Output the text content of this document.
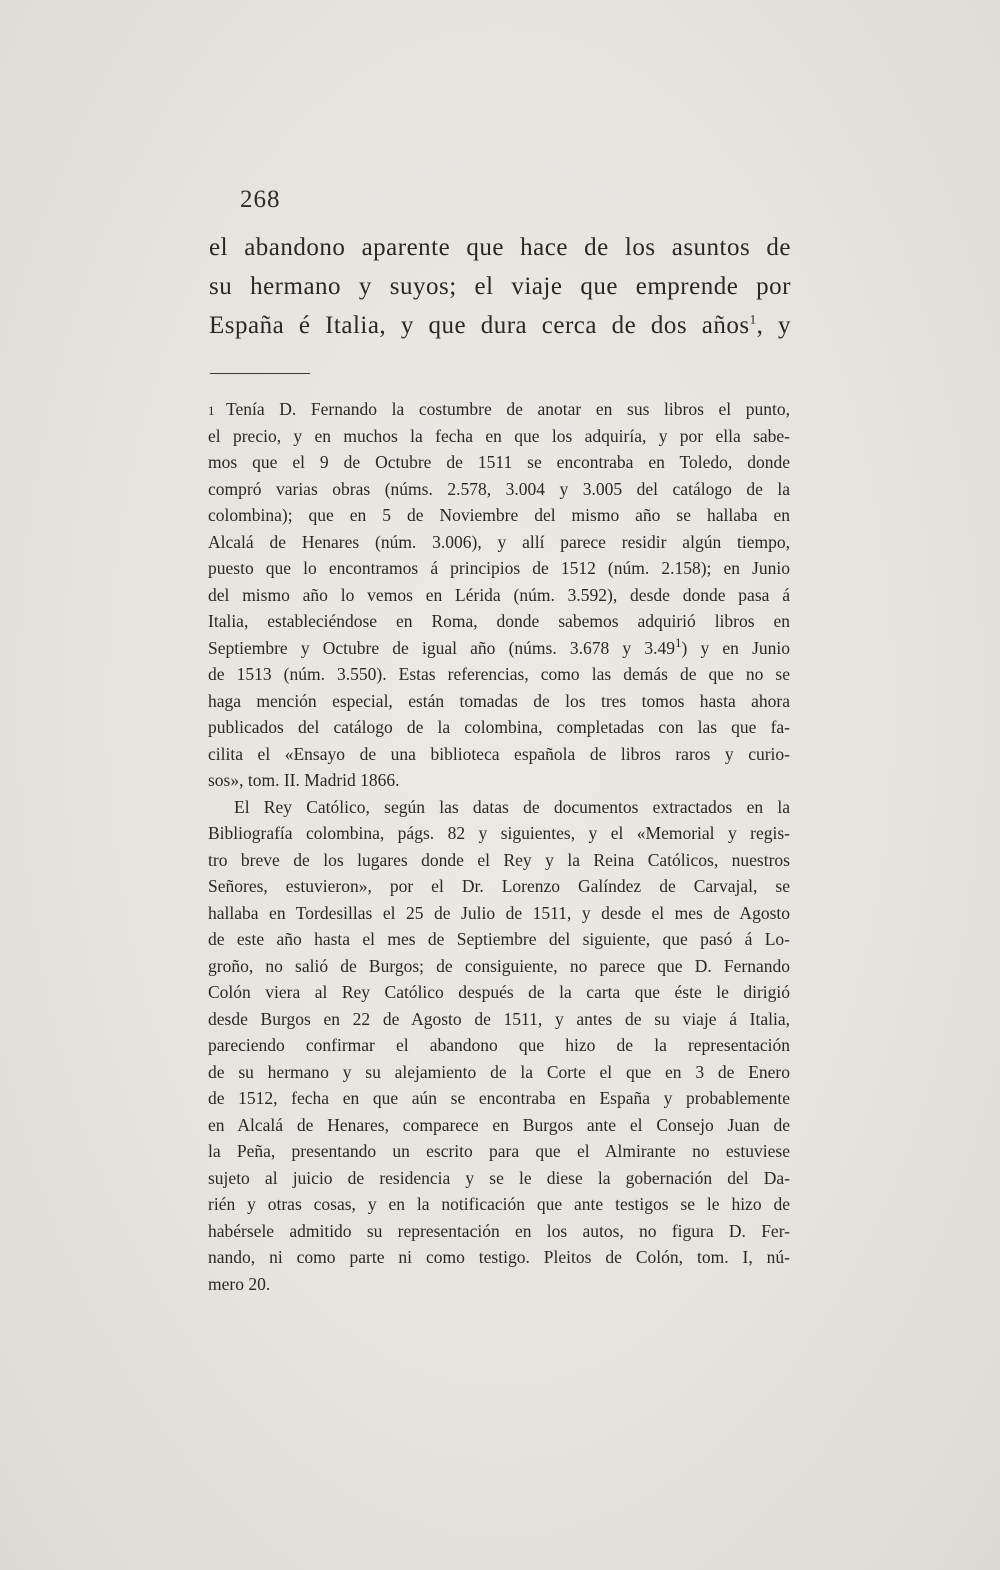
268
el abandono aparente que hace de los asuntos de
su hermano y suyos; el viaje que emprende por
España é Italia, y que dura cerca de dos años$^1$, y
1 Tenía D. Fernando la costumbre de anotar en sus libros el punto,
el precio, y en muchos la fecha en que los adquiría, y por ella sabe-
mos que el 9 de Octubre de 1511 se encontraba en Toledo, donde
compró varias obras (núms. 2.578, 3.004 y 3.005 del catálogo de la
colombina); que en 5 de Noviembre del mismo año se hallaba en
Alcalá de Henares (núm. 3.006), y allí parece residir algún tiempo,
puesto que lo encontramos á principios de 1512 (núm. 2.158); en Junio
del mismo año lo vemos en Lérida (núm. 3.592), desde donde pasa á
Italia, estableciéndose en Roma, donde sabemos adquirió libros en
Septiembre y Octubre de igual año (núms. 3.678 y 3.49$^1$) y en Junio
de 1513 (núm. 3.550). Estas referencias, como las demás de que no se
haga mención especial, están tomadas de los tres tomos hasta ahora
publicados del catálogo de la colombina, completadas con las que fa-
cilita el «Ensayo de una biblioteca española de libros raros y curio-
sos», tom. II. Madrid 1866.
El Rey Católico, según las datas de documentos extractados en la
Bibliografía colombina, págs. 82 y siguientes, y el «Memorial y regis-
tro breve de los lugares donde el Rey y la Reina Católicos, nuestros
Señores, estuvieron», por el Dr. Lorenzo Galíndez de Carvajal, se
hallaba en Tordesillas el 25 de Julio de 1511, y desde el mes de Agosto
de este año hasta el mes de Septiembre del siguiente, que pasó á Lo-
groño, no salió de Burgos; de consiguiente, no parece que D. Fernando
Colón viera al Rey Católico después de la carta que éste le dirigió
desde Burgos en 22 de Agosto de 1511, y antes de su viaje á Italia,
pareciendo confirmar el abandono que hizo de la representación
de su hermano y su alejamiento de la Corte el que en 3 de Enero
de 1512, fecha en que aún se encontraba en España y probablemente
en Alcalá de Henares, comparece en Burgos ante el Consejo Juan de
la Peña, presentando un escrito para que el Almirante no estuviese
sujeto al juicio de residencia y se le diese la gobernación del Da-
rién y otras cosas, y en la notificación que ante testigos se le hizo de
habérsele admitido su representación en los autos, no figura D. Fer-
nando, ni como parte ni como testigo. Pleitos de Colón, tom. I, nú-
mero 20.
